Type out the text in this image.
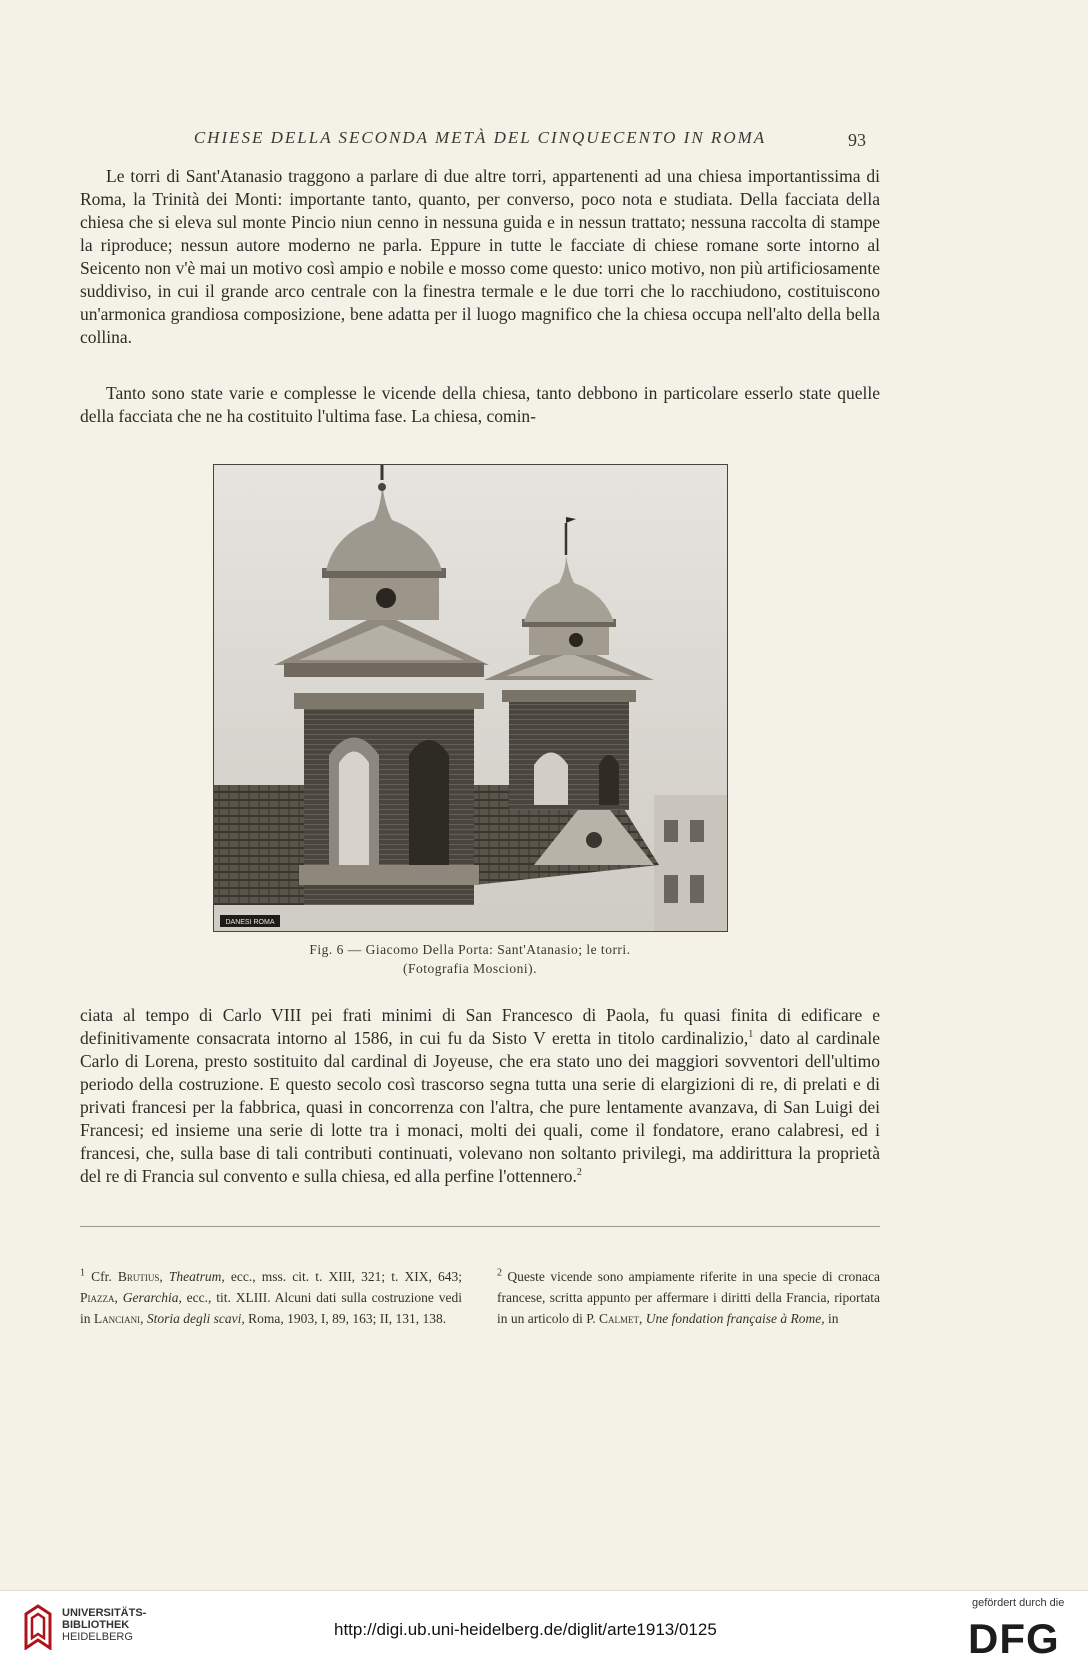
CHIESE DELLA SECONDA METÀ DEL CINQUECENTO IN ROMA	93

Le torri di Sant'Atanasio traggono a parlare di due altre torri, appartenenti ad una chiesa importantissima di Roma, la Trinità dei Monti: importante tanto, quanto, per converso, poco nota e studiata. Della facciata della chiesa che si eleva sul monte Pincio niun cenno in nessuna guida e in nessun trattato; nessuna raccolta di stampe la riproduce; nessun autore moderno ne parla. Eppure in tutte le facciate di chiese romane sorte intorno al Seicento non v'è mai un motivo così ampio e nobile e mosso come questo: unico motivo, non più artificiosamente suddiviso, in cui il grande arco centrale con la finestra termale e le due torri che lo racchiudono, costituiscono un'armonica grandiosa composizione, bene adatta per il luogo magnifico che la chiesa occupa nell'alto della bella collina.

Tanto sono state varie e complesse le vicende della chiesa, tanto debbono in particolare esserlo state quelle della facciata che ne ha costituito l'ultima fase. La chiesa, comin-

DANESI ROMA
Fig. 6 — Giacomo Della Porta: Sant'Atanasio; le torri.
(Fotografia Moscioni).

ciata al tempo di Carlo VIII pei frati minimi di San Francesco di Paola, fu quasi finita di edificare e definitivamente consacrata intorno al 1586, in cui fu da Sisto V eretta in titolo cardinalizio,$^1$ dato al cardinale Carlo di Lorena, presto sostituito dal cardinal di Joyeuse, che era stato uno dei maggiori sovventori dell'ultimo periodo della costruzione. E questo secolo così trascorso segna tutta una serie di elargizioni di re, di prelati e di privati francesi per la fabbrica, quasi in concorrenza con l'altra, che pure lentamente avanzava, di San Luigi dei Francesi; ed insieme una serie di lotte tra i monaci, molti dei quali, come il fondatore, erano calabresi, ed i francesi, che, sulla base di tali contributi continuati, volevano non soltanto privilegi, ma addirittura la proprietà del re di Francia sul convento e sulla chiesa, ed alla perfine l'ottennero.$^2$

$^1$ Cfr. Brutius, Theatrum, ecc., mss. cit. t. XIII, 321; t. XIX, 643; Piazza, Gerarchia, ecc., tit. XLIII. Alcuni dati sulla costruzione vedi in Lanciani, Storia degli scavi, Roma, 1903, I, 89, 163; II, 131, 138.

$^2$ Queste vicende sono ampiamente riferite in una specie di cronaca francese, scritta appunto per affermare i diritti della Francia, riportata in un articolo di P. Calmet, Une fondation française à Rome, in

UNIVERSITÄTS-
BIBLIOTHEK
HEIDELBERG	http://digi.ub.uni-heidelberg.de/diglit/arte1913/0125
gefördert durch die
DFG
